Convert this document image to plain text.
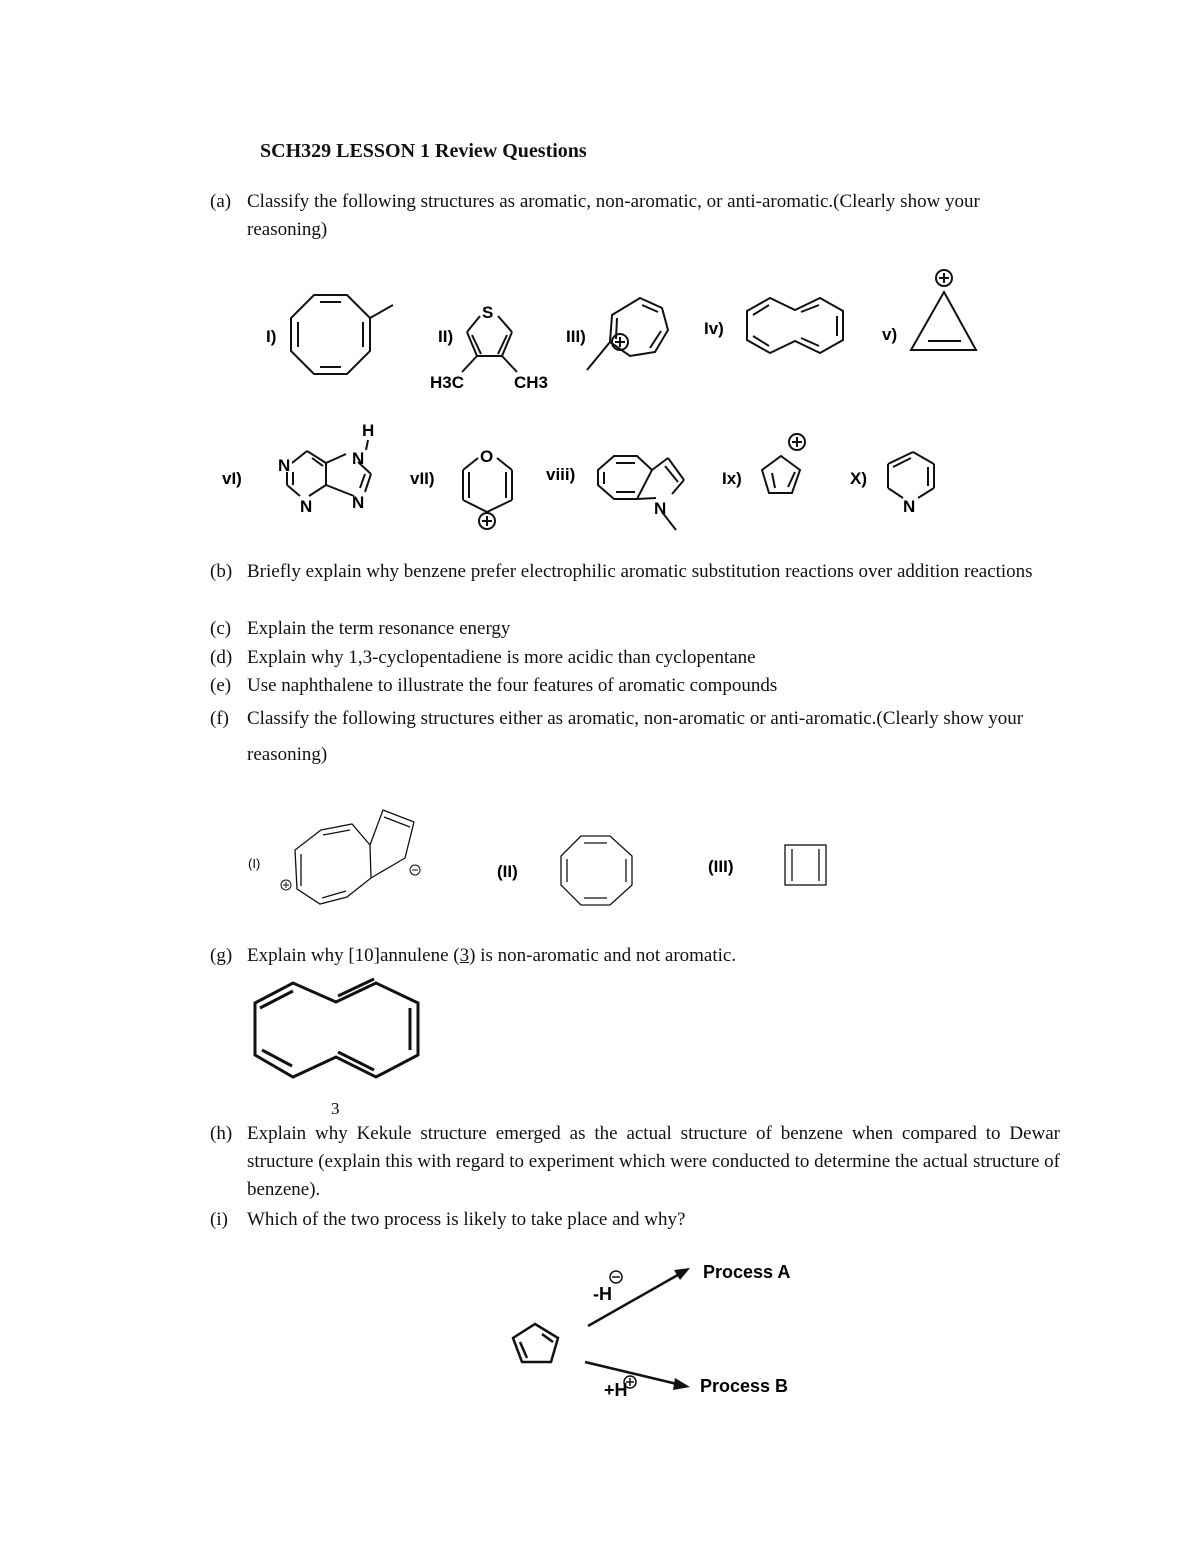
SCH329 LESSON 1 Review Questions
(a) Classify the following structures as aromatic, non-aromatic, or anti-aromatic.(Clearly show your reasoning)
I)	II)	III)	Iv)	v)
vI)	vII)	viii)	Ix)	X)
S
H3C	CH3
H
N
N
N N
O
N	N
(b) Briefly explain why benzene prefer electrophilic aromatic substitution reactions over addition reactions
(c) Explain the term resonance energy
(d) Explain why 1,3-cyclopentadiene is more acidic than cyclopentane
(e) Use naphthalene to illustrate the four features of aromatic compounds
(f) Classify the following structures either as aromatic, non-aromatic or anti-aromatic.(Clearly show your reasoning)
(I)	(II)	(III)
(g) Explain why [10]annulene (3) is non-aromatic and not aromatic.
3
(h) Explain why Kekule structure emerged as the actual structure of benzene when compared to Dewar structure (explain this with regard to experiment which were conducted to determine the actual structure of benzene).
(i)	Which of the two process is likely to take place and why?
-H
+H
Process A
Process B
